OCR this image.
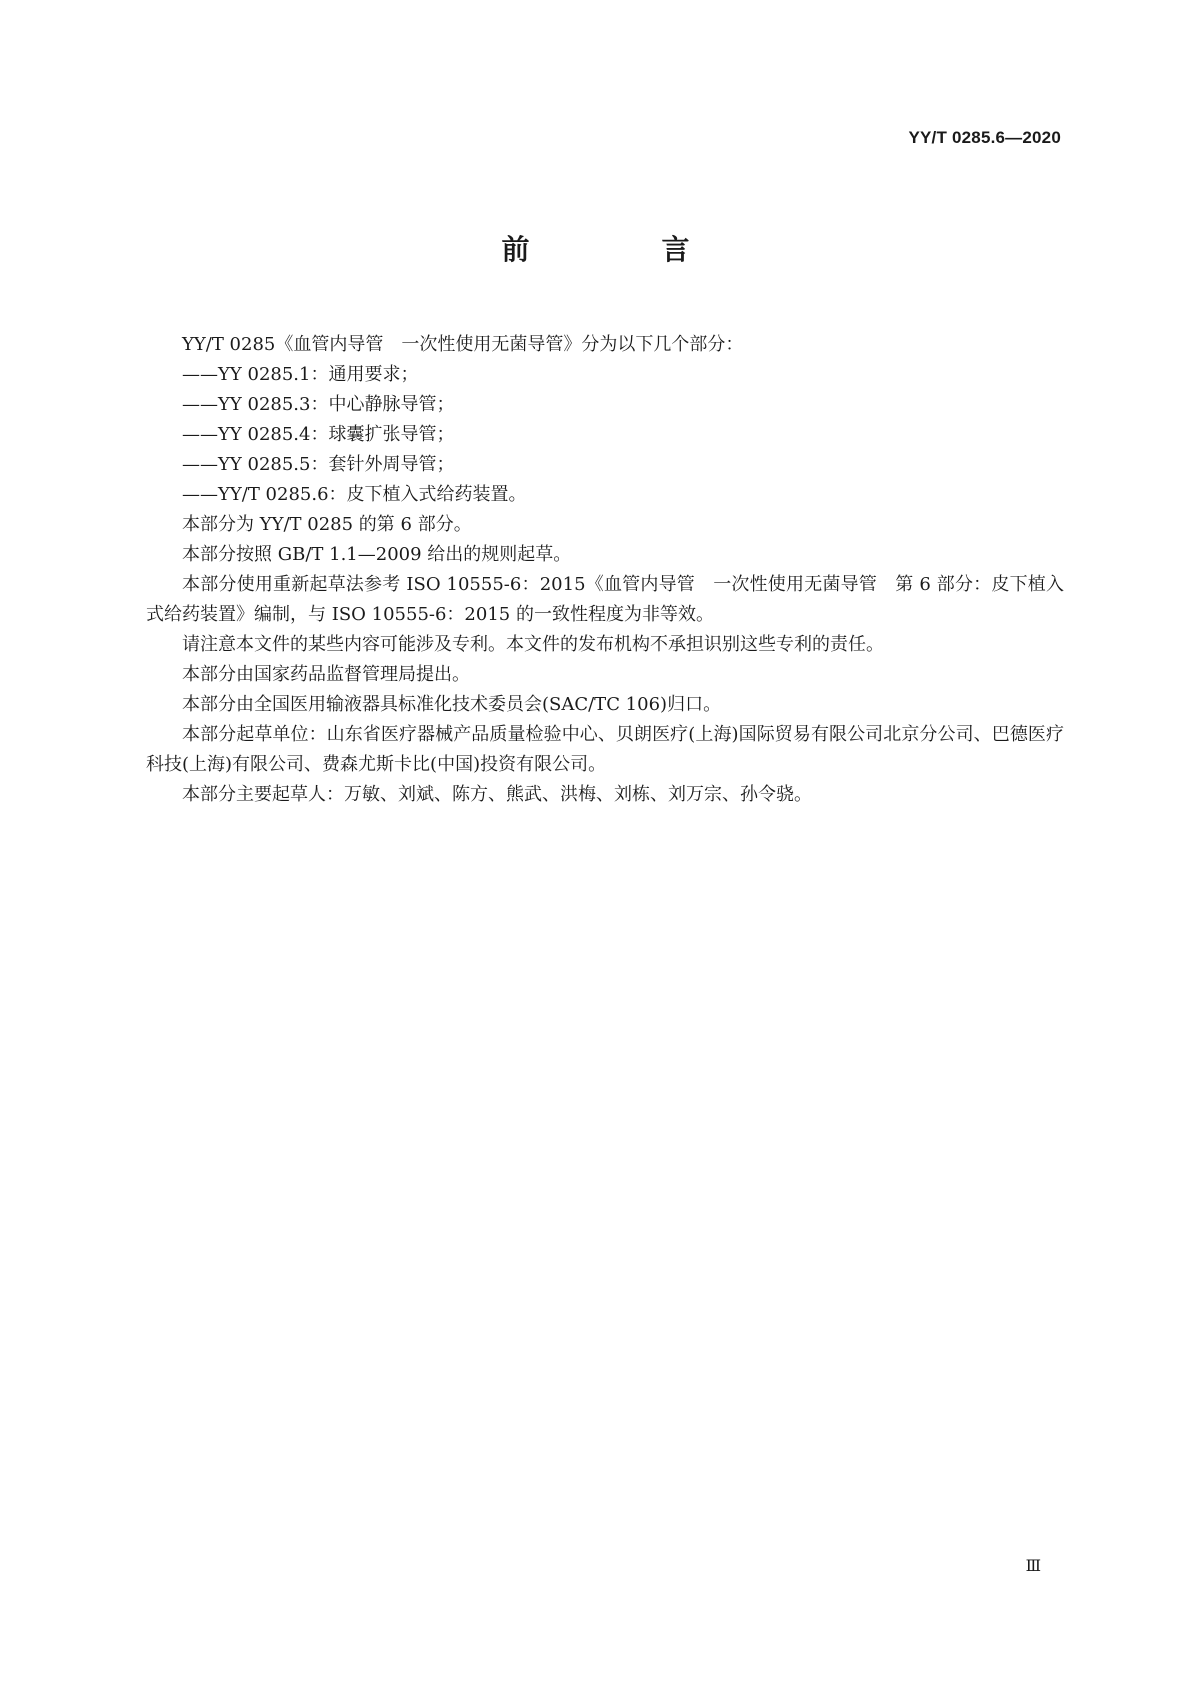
YY/T 0285.6—2020
前　言

YY/T 0285《血管内导管　一次性使用无菌导管》分为以下几个部分：

——YY 0285.1：通用要求；

——YY 0285.3：中心静脉导管；

——YY 0285.4：球囊扩张导管；

——YY 0285.5：套针外周导管；

——YY/T 0285.6：皮下植入式给药装置。

本部分为 YY/T 0285 的第 6 部分。

本部分按照 GB/T 1.1—2009 给出的规则起草。

本部分使用重新起草法参考 ISO 10555-6：2015《血管内导管　一次性使用无菌导管　第 6 部分：皮下植入式给药装置》编制，与 ISO 10555-6：2015 的一致性程度为非等效。

请注意本文件的某些内容可能涉及专利。本文件的发布机构不承担识别这些专利的责任。

本部分由国家药品监督管理局提出。

本部分由全国医用输液器具标准化技术委员会(SAC/TC 106)归口。

本部分起草单位：山东省医疗器械产品质量检验中心、贝朗医疗(上海)国际贸易有限公司北京分公司、巴德医疗科技(上海)有限公司、费森尤斯卡比(中国)投资有限公司。

本部分主要起草人：万敏、刘斌、陈方、熊武、洪梅、刘栋、刘万宗、孙令骁。

Ⅲ
